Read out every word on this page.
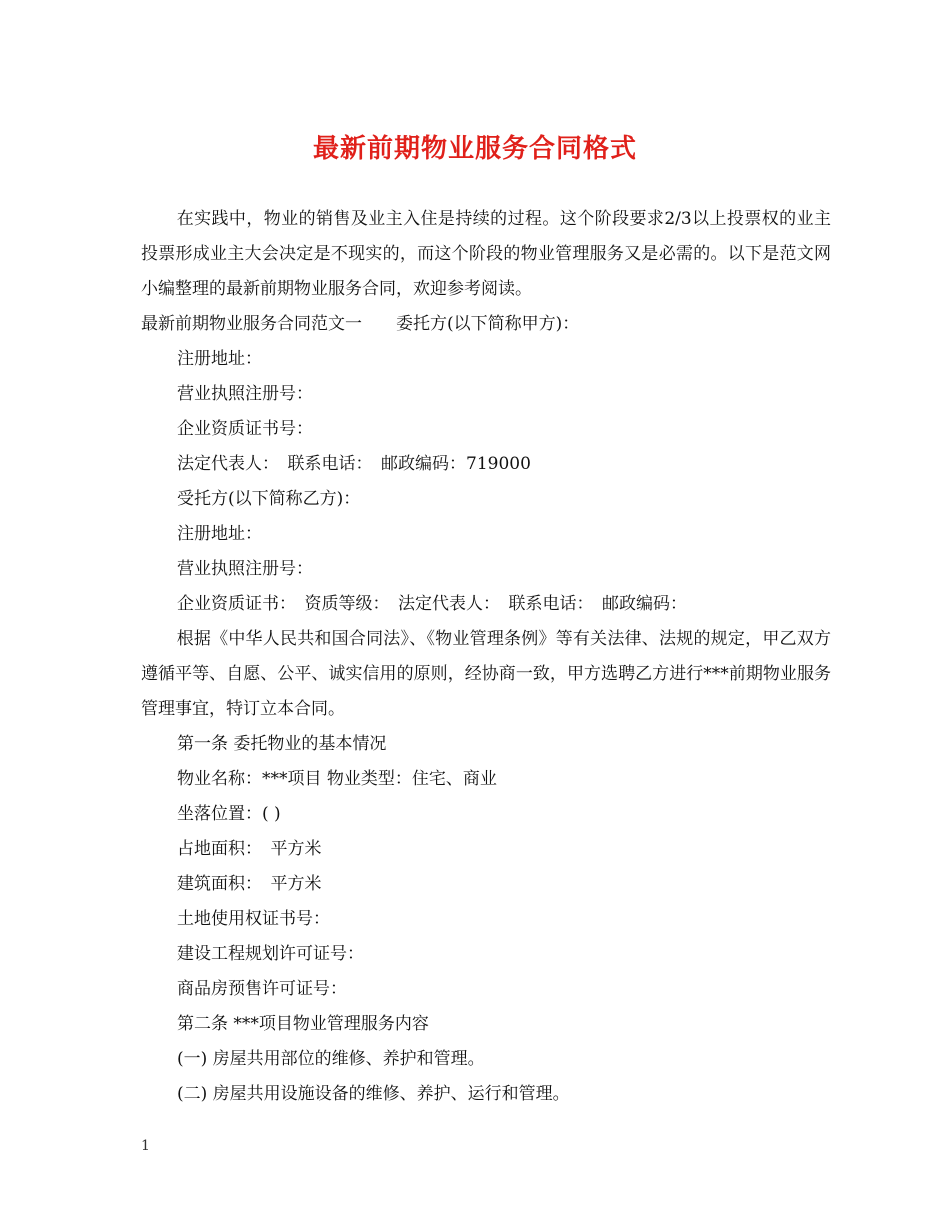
最新前期物业服务合同格式

在实践中，物业的销售及业主入住是持续的过程。这个阶段要求2/3以上投票权的业主投票形成业主大会决定是不现实的，而这个阶段的物业管理服务又是必需的。以下是范文网小编整理的最新前期物业服务合同，欢迎参考阅读。

最新前期物业服务合同范文一　　委托方(以下简称甲方)：

注册地址：

营业执照注册号：

企业资质证书号：

法定代表人：　联系电话：　邮政编码：719000

受托方(以下简称乙方)：

注册地址：

营业执照注册号：

企业资质证书：　资质等级：　法定代表人：　联系电话：　邮政编码：

根据《中华人民共和国合同法》、《物业管理条例》等有关法律、法规的规定，甲乙双方遵循平等、自愿、公平、诚实信用的原则，经协商一致，甲方选聘乙方进行***前期物业服务管理事宜，特订立本合同。

第一条 委托物业的基本情况

物业名称：***项目 物业类型：住宅、商业

坐落位置：( )

占地面积：　平方米

建筑面积：　平方米

土地使用权证书号：

建设工程规划许可证号：

商品房预售许可证号：

第二条 ***项目物业管理服务内容

(一) 房屋共用部位的维修、养护和管理。

(二) 房屋共用设施设备的维修、养护、运行和管理。

1
